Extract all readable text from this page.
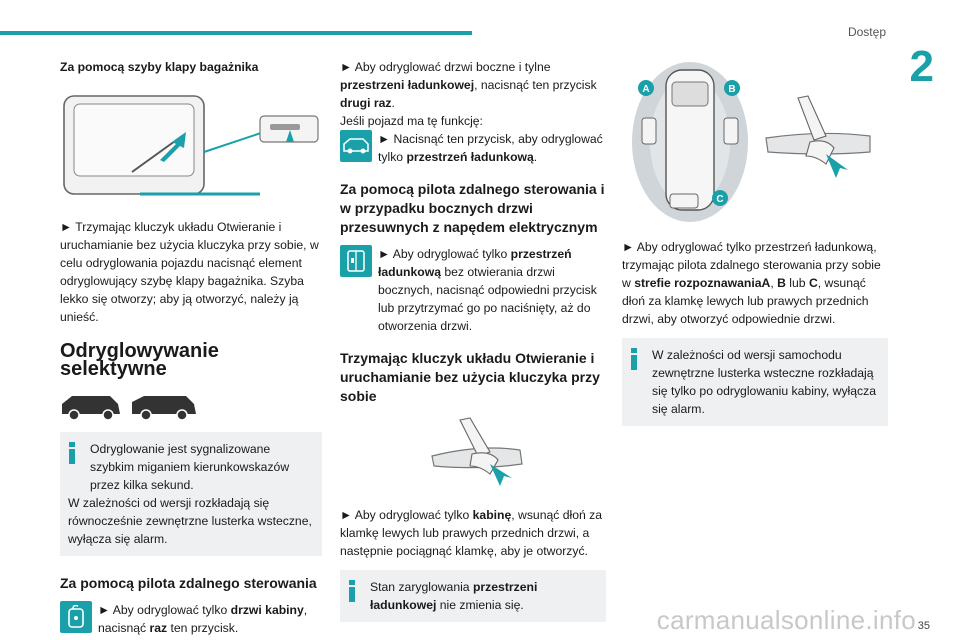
Dostęp
2
Za pomocą szyby klapy bagażnika
► Trzymając kluczyk układu Otwieranie i uruchamianie bez użycia kluczyka przy sobie, w celu odryglowania pojazdu nacisnąć element odryglowujący szybę klapy bagażnika. Szyba lekko się otworzy; aby ją otworzyć, należy ją unieść.
Odryglowywanie selektywne
Odryglowanie jest sygnalizowane szybkim miganiem kierunkowskazów przez kilka sekund.
W zależności od wersji rozkładają się równocześnie zewnętrzne lusterka wsteczne, wyłącza się alarm.
Za pomocą pilota zdalnego sterowania
► Aby odryglować tylko drzwi kabiny, nacisnąć raz ten przycisk.
► Aby odryglować drzwi boczne i tylne przestrzeni ładunkowej, nacisnąć ten przycisk drugi raz.
Jeśli pojazd ma tę funkcję:
► Nacisnąć ten przycisk, aby odryglować tylko przestrzeń ładunkową.
Za pomocą pilota zdalnego sterowania i w przypadku bocznych drzwi przesuwnych z napędem elektrycznym
► Aby odryglować tylko przestrzeń ładunkową bez otwierania drzwi bocznych, nacisnąć odpowiedni przycisk lub przytrzymać go po naciśnięty, aż do otworzenia drzwi.
Trzymając kluczyk układu Otwieranie i uruchamianie bez użycia kluczyka przy sobie
► Aby odryglować tylko kabinę, wsunąć dłoń za klamkę lewych lub prawych przednich drzwi, a następnie pociągnąć klamkę, aby je otworzyć.
Stan zaryglowania przestrzeni ładunkowej nie zmienia się.
A	B
C
► Aby odryglować tylko przestrzeń ładunkową, trzymając pilota zdalnego sterowania przy sobie w strefie rozpoznawaniaA, B lub C, wsunąć dłoń za klamkę lewych lub prawych przednich drzwi, aby otworzyć odpowiednie drzwi.
W zależności od wersji samochodu zewnętrzne lusterka wsteczne rozkładają się tylko po odryglowaniu kabiny, wyłącza się alarm.
carmanualsonline.info 35
